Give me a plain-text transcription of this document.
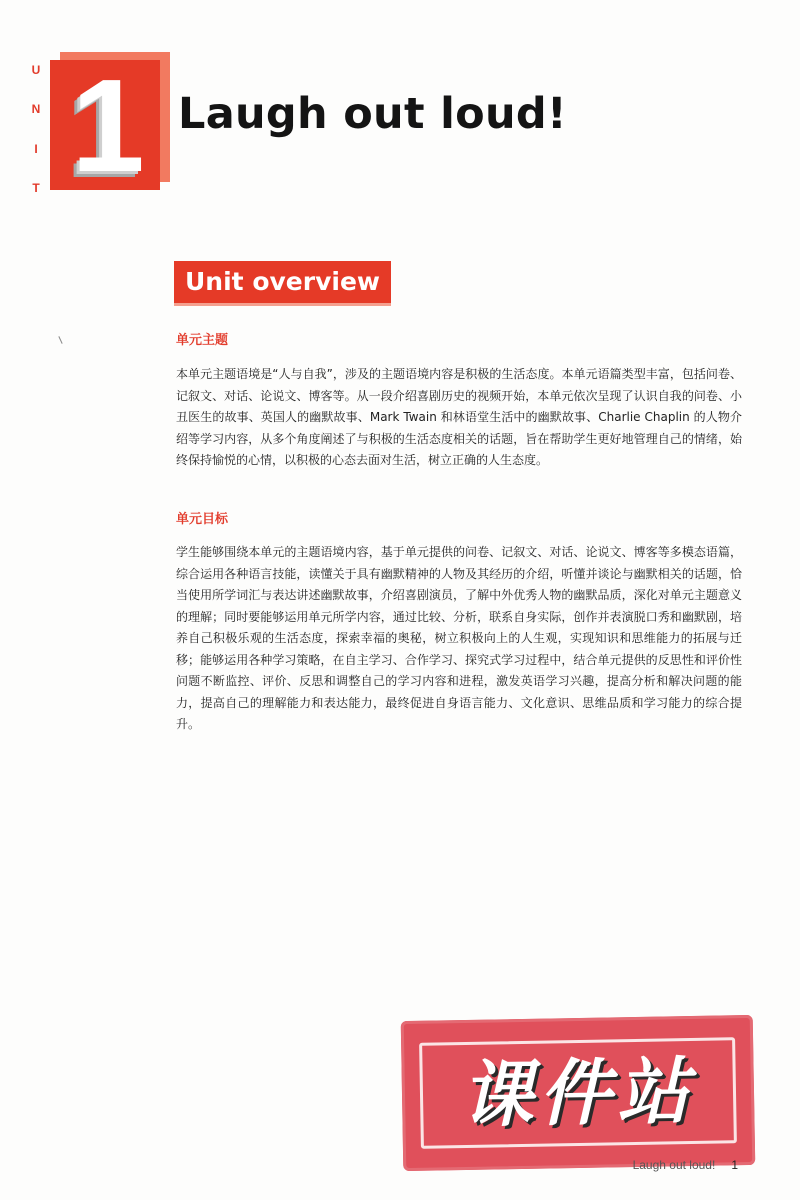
U
N
I
T 1 Laugh out loud!
Unit overview
单元主题

本单元主题语境是“人与自我”，涉及的主题语境内容是积极的生活态度。本单元语篇类型丰富，包括问卷、记叙文、对话、论说文、博客等。从一段介绍喜剧历史的视频开始，本单元依次呈现了认识自我的问卷、小丑医生的故事、英国人的幽默故事、Mark Twain 和林语堂生活中的幽默故事、Charlie Chaplin 的人物介绍等学习内容，从多个角度阐述了与积极的生活态度相关的话题，旨在帮助学生更好地管理自己的情绪，始终保持愉悦的心情，以积极的心态去面对生活，树立正确的人生态度。

单元目标

学生能够围绕本单元的主题语境内容，基于单元提供的问卷、记叙文、对话、论说文、博客等多模态语篇，综合运用各种语言技能，读懂关于具有幽默精神的人物及其经历的介绍，听懂并谈论与幽默相关的话题，恰当使用所学词汇与表达讲述幽默故事，介绍喜剧演员，了解中外优秀人物的幽默品质，深化对单元主题意义的理解；同时要能够运用单元所学内容，通过比较、分析，联系自身实际，创作并表演脱口秀和幽默剧，培养自己积极乐观的生活态度，探索幸福的奥秘，树立积极向上的人生观，实现知识和思维能力的拓展与迁移；能够运用各种学习策略，在自主学习、合作学习、探究式学习过程中，结合单元提供的反思性和评价性问题不断监控、评价、反思和调整自己的学习内容和进程，激发英语学习兴趣，提高分析和解决问题的能力，提高自己的理解能力和表达能力，最终促进自身语言能力、文化意识、思维品质和学习能力的综合提升。

课件站
Laugh out loud! 1
